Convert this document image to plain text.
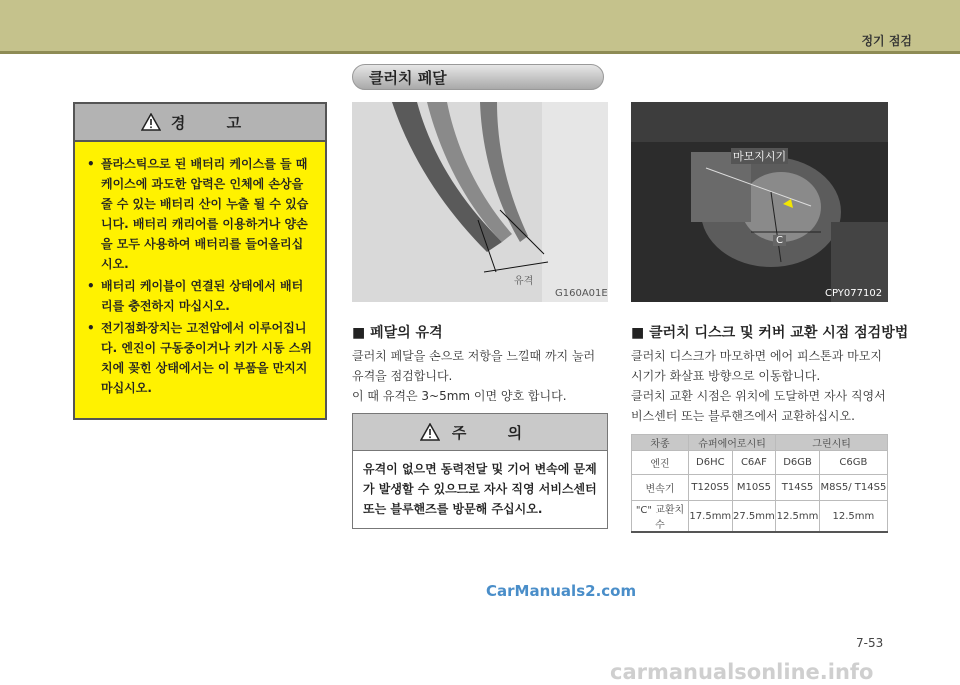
정기 점검
경 고
• 플라스틱으로 된 배터리 케이스를 들 때 케이스에 과도한 압력은 인체에 손상을 줄 수 있는 배터리 산이 누출 될 수 있습니다. 배터리 캐리어를 이용하거나 양손을 모두 사용하여 배터리를 들어올리십시오.
• 배터리 케이블이 연결된 상태에서 배터리를 충전하지 마십시오.
• 전기점화장치는 고전압에서 이루어집니다. 엔진이 구동중이거나 키가 시동 스위치에 꽂힌 상태에서는 이 부품을 만지지 마십시오.
클러치 페달
유격
G160A01E
마모지시기
C
CPY077102
■ 페달의 유격
클러치 페달을 손으로 저항을 느낄때 까지 눌러
유격을 점검합니다.
이 때 유격은 3~5mm 이면 양호 합니다.
주 의
유격이 없으면 동력전달 및 기어 변속에 문제
가 발생할 수 있으므로 자사 직영 서비스센터
또는 블루핸즈를 방문해 주십시오.
■ 클러치 디스크 및 커버 교환 시점 점검방법
클러치 디스크가 마모하면 에어 피스톤과 마모지
시기가 화살표 방향으로 이동합니다.
클러치 교환 시점은 위치에 도달하면 자사 직영서
비스센터 또는 블루핸즈에서 교환하십시오.
차종	슈퍼에어로시티		그린시티	
엔진	D6HC	C6AF	D6GB	C6GB
변속기	T120S5	M10S5	T14S5	M8S5/ T14S5
"C" 교환치수	17.5mm	27.5mm	12.5mm	12.5mm
CarManuals2.com
7-53
carmanualsonline.info
